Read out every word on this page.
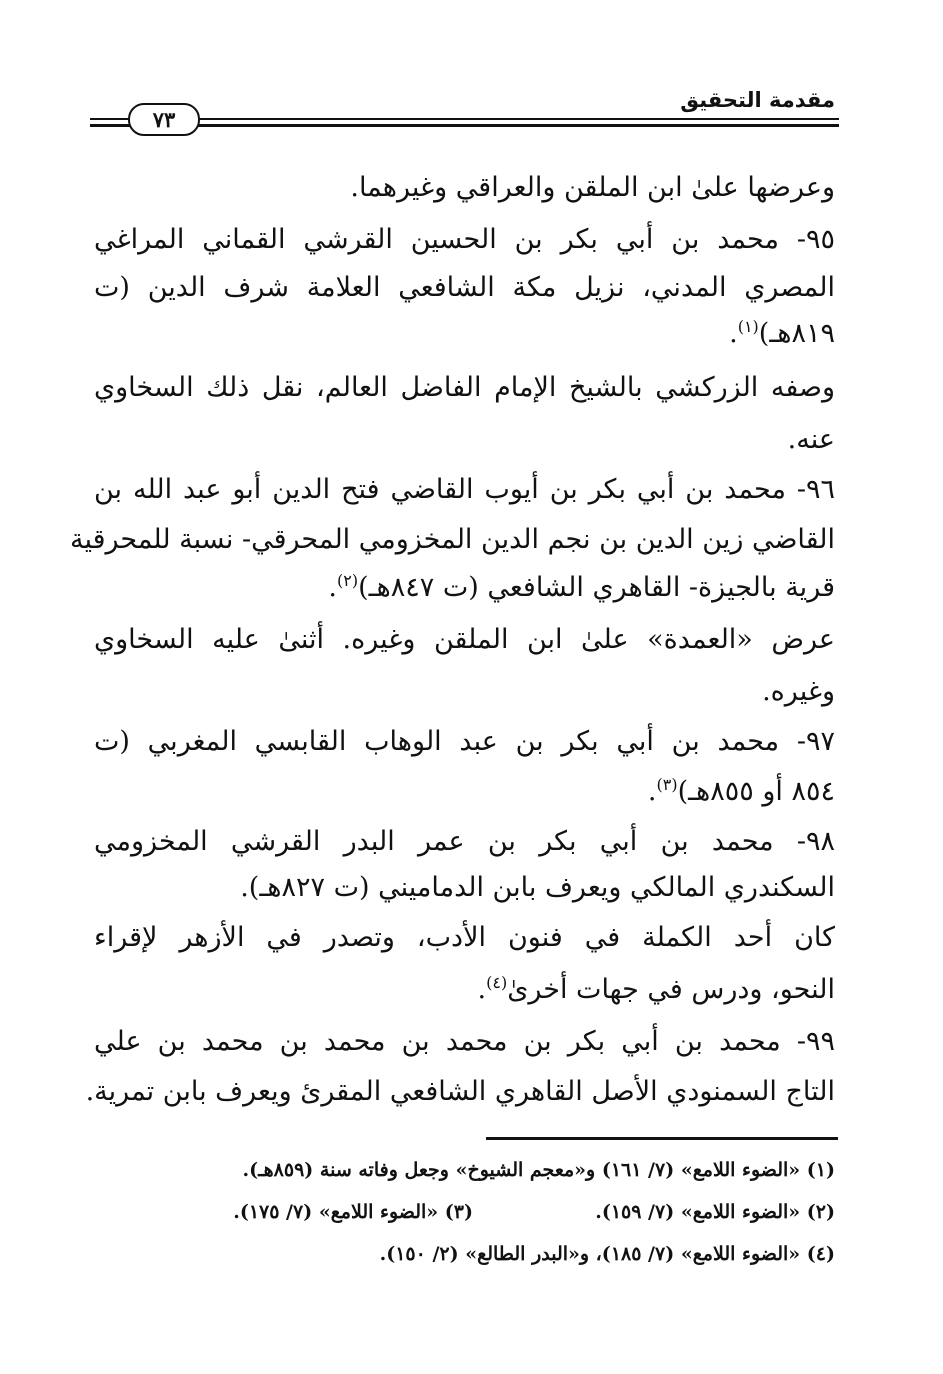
مقدمة التحقيق
٧٣
وعرضها علىٰ ابن الملقن والعراقي وغيرهما.
٩٥- محمد بن أبي بكر بن الحسين القرشي القماني المراغي
المصري المدني، نزيل مكة الشافعي العلامة شرف الدين (ت
٨١٩هـ)$^{(١)}$.
وصفه الزركشي بالشيخ الإمام الفاضل العالم، نقل ذلك السخاوي
عنه.
٩٦- محمد بن أبي بكر بن أيوب القاضي فتح الدين أبو عبد الله بن
القاضي زين الدين بن نجم الدين المخزومي المحرقي- نسبة للمحرقية
قرية بالجيزة- القاهري الشافعي (ت ٨٤٧هـ)$^{(٢)}$.
عرض «العمدة» علىٰ ابن الملقن وغيره. أثنىٰ عليه السخاوي
وغيره.
٩٧- محمد بن أبي بكر بن عبد الوهاب القابسي المغربي (ت
٨٥٤ أو ٨٥٥هـ)$^{(٣)}$.
٩٨- محمد بن أبي بكر بن عمر البدر القرشي المخزومي
السكندري المالكي ويعرف بابن الدماميني (ت ٨٢٧هـ).
كان أحد الكملة في فنون الأدب، وتصدر في الأزهر لإقراء
النحو، ودرس في جهات أخرىٰ$^{(٤)}$.
٩٩- محمد بن أبي بكر بن محمد بن محمد بن محمد بن علي
التاج السمنودي الأصل القاهري الشافعي المقرئ ويعرف بابن تمرية.
(١) «الضوء اللامع» (٧/ ١٦١) و«معجم الشيوخ» وجعل وفاته سنة (٨٥٩هـ).
(٢) «الضوء اللامع» (٧/ ١٥٩).
(٣) «الضوء اللامع» (٧/ ١٧٥).
(٤) «الضوء اللامع» (٧/ ١٨٥)، و«البدر الطالع» (٢/ ١٥٠).
